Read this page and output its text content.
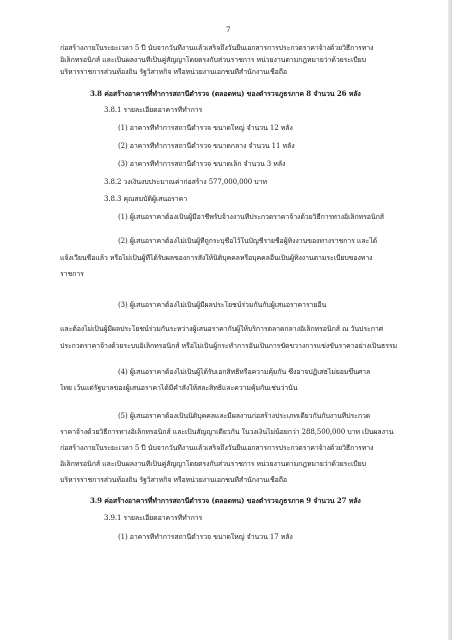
7
ก่อสร้างภายในระยะเวลา 5 ปี นับจากวันที่งานแล้วเสร็จถึงวันยื่นเอกสารการประกวดราคาจ้างด้วยวิธีการทาง
อิเล็กทรอนิกส์ และเป็นผลงานที่เป็นคู่สัญญาโดยตรงกับส่วนราชการ หน่วยงานตามกฎหมายว่าด้วยระเบียบ
บริหารราชการส่วนท้องถิ่น รัฐวิสาหกิจ หรือหน่วยงานเอกชนที่สำนักงานเชื่อถือ
3.8 ค่อสร้างอาคารที่ทำการสถานีตำรวจ (ตลอดทน) ของตำรวจภูธรภาค 8 จำนวน 26 หลัง
3.8.1 รายละเอียดอาคารที่ทำการ
(1) อาคารที่ทำการสถานีตำรวจ ขนาดใหญ่ จำนวน 12 หลัง
(2) อาคารที่ทำการสถานีตำรวจ ขนาดกลาง จำนวน 11 หลัง
(3) อาคารที่ทำการสถานีตำรวจ ขนาดเล็ก จำนวน 3 หลัง
3.8.2 วงเงินงบประมาณค่าก่อสร้าง 577,000,000 บาท
3.8.3 คุณสมบัติผู้เสนอราคา
(1) ผู้เสนอราคาต้องเป็นผู้มีอาชีพรับจ้างงานที่ประกวดราคาจ้างด้วยวิธีการทางอิเล็กทรอนิกส์
(2) ผู้เสนอราคาต้องไม่เป็นผู้ที่ถูกระบุชื่อไว้ในบัญชีรายชื่อผู้ทิ้งงานของทางราชการ และได้
แจ้งเวียนชื่อแล้ว หรือไม่เป็นผู้ที่ได้รับผลของการสั่งให้นิติบุคคลหรือบุคคลอื่นเป็นผู้ทิ้งงานตามระเบียบของทาง
ราชการ
(3) ผู้เสนอราคาต้องไม่เป็นผู้มีผลประโยชน์ร่วมกันกับผู้เสนอราคารายอื่น
และต้องไม่เป็นผู้มีผลประโยชน์ร่วมกันระหว่างผู้เสนอราคากับผู้ให้บริการตลาดกลางอิเล็กทรอนิกส์ ณ วันประกาศ
ประกวดราคาจ้างด้วยระบบอิเล็กทรอนิกส์ หรือไม่เป็นผู้กระทำการอันเป็นการขัดขวางการแข่งขันราคาอย่างเป็นธรรม
(4) ผู้เสนอราคาต้องไม่เป็นผู้ได้รับเอกสิทธิ์หรือความคุ้มกัน ซึ่งอาจปฏิเสธไม่ยอมขึ้นศาล
ไทย เว้นแต่รัฐบาลของผู้เสนอราคาได้มีคำสั่งให้สละสิทธิ์และความคุ้มกันเช่นว่านั้น
(5) ผู้เสนอราคาต้องเป็นนิติบุคคลและมีผลงานก่อสร้างประเภทเดียวกันกับงานที่ประกวด
ราคาจ้างด้วยวิธีการทางอิเล็กทรอนิกส์ และเป็นสัญญาเดียวกัน ในวงเงินไม่น้อยกว่า 288,500,000 บาท เป็นผลงาน
ก่อสร้างภายในระยะเวลา 5 ปี นับจากวันที่งานแล้วเสร็จถึงวันยื่นเอกสารการประกวดราคาจ้างด้วยวิธีการทาง
อิเล็กทรอนิกส์ และเป็นผลงานที่เป็นคู่สัญญาโดยตรงกับส่วนราชการ หน่วยงานตามกฎหมายว่าด้วยระเบียบ
บริหารราชการส่วนท้องถิ่น รัฐวิสาหกิจ หรือหน่วยงานเอกชนที่สำนักงานเชื่อถือ
3.9 ค่อสร้างอาคารที่ทำการสถานีตำรวจ (ตลอดทน) ของตำรวจภูธรภาค 9 จำนวน 27 หลัง
3.9.1 รายละเอียดอาคารที่ทำการ
(1) อาคารที่ทำการสถานีตำรวจ ขนาดใหญ่ จำนวน 17 หลัง
